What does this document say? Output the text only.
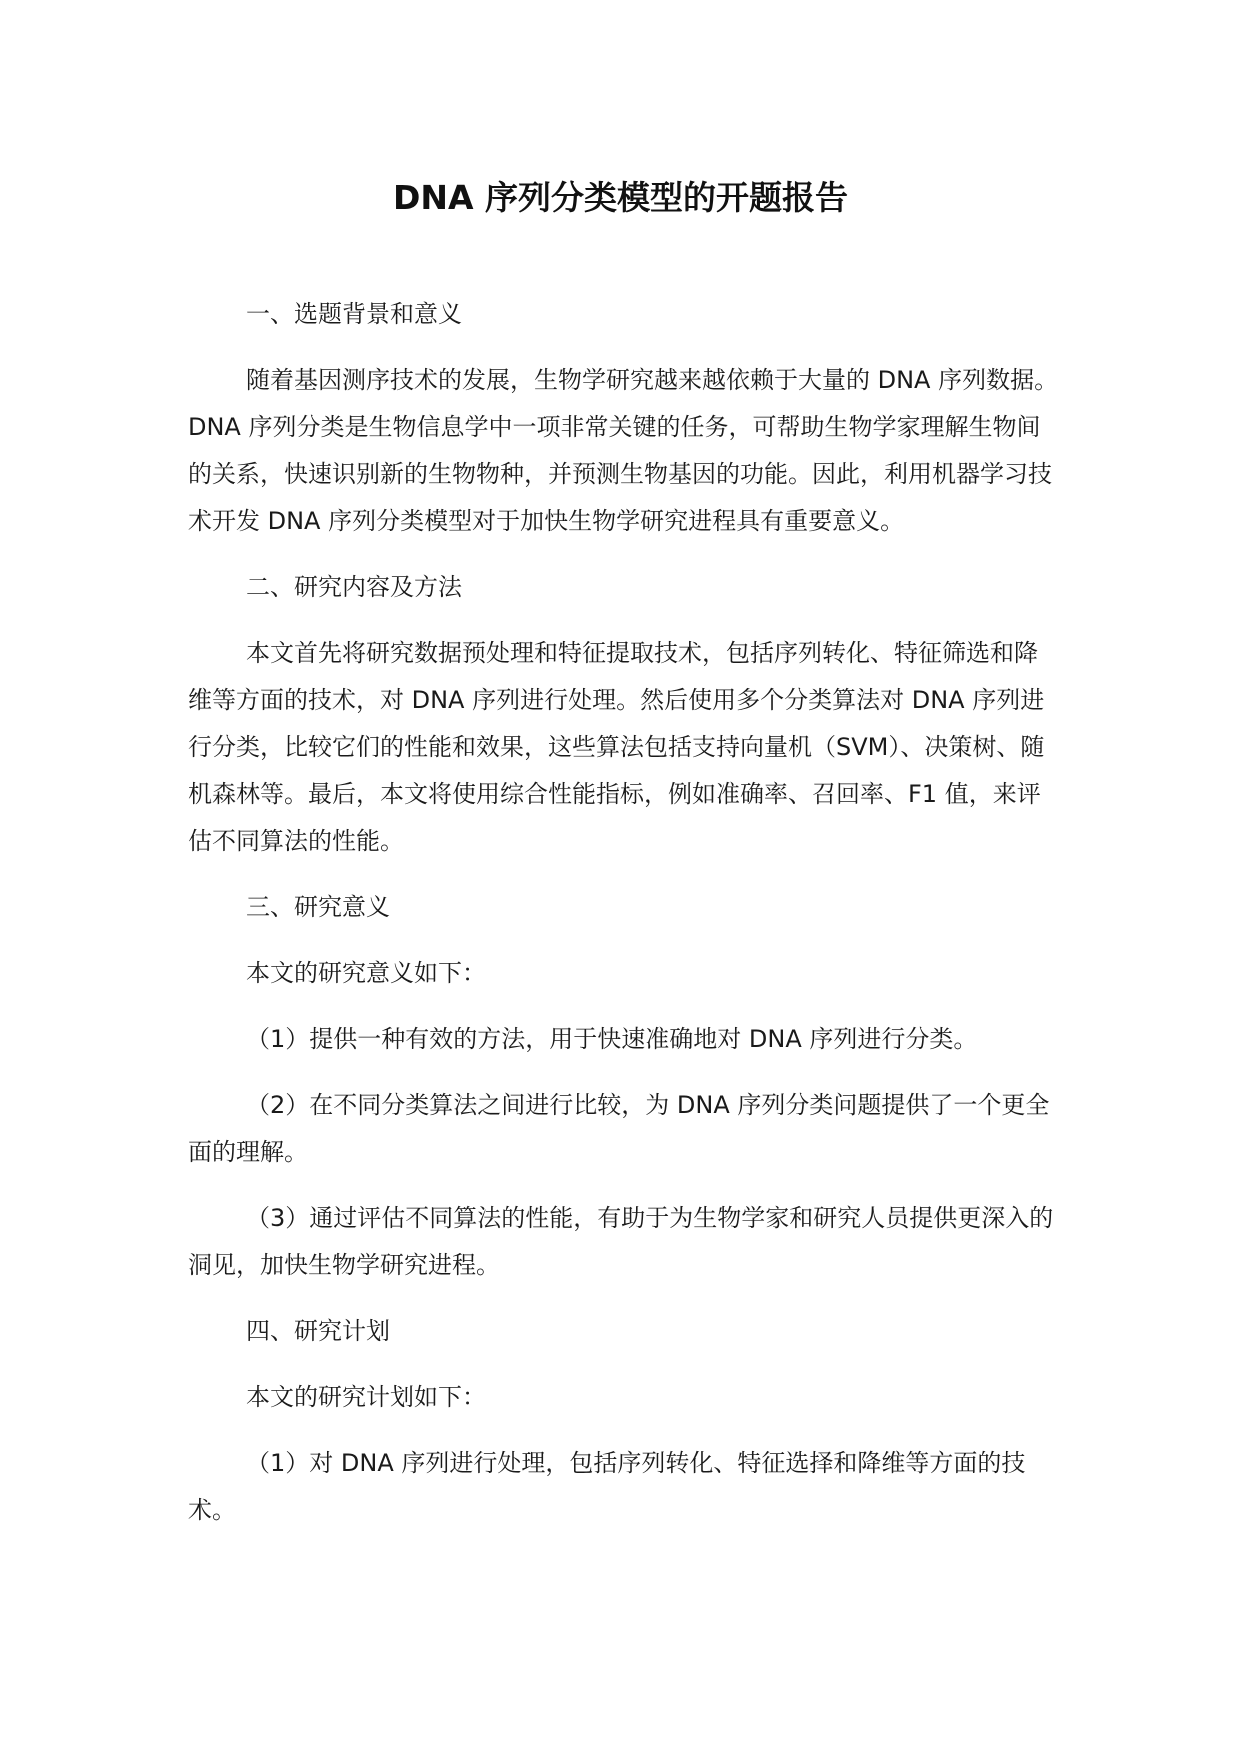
DNA 序列分类模型的开题报告

一、选题背景和意义

随着基因测序技术的发展，生物学研究越来越依赖于大量的 DNA 序列数据。DNA 序列分类是生物信息学中一项非常关键的任务，可帮助生物学家理解生物间的关系，快速识别新的生物物种，并预测生物基因的功能。因此，利用机器学习技术开发 DNA 序列分类模型对于加快生物学研究进程具有重要意义。

二、研究内容及方法

本文首先将研究数据预处理和特征提取技术，包括序列转化、特征筛选和降维等方面的技术，对 DNA 序列进行处理。然后使用多个分类算法对 DNA 序列进行分类，比较它们的性能和效果，这些算法包括支持向量机（SVM）、决策树、随机森林等。最后，本文将使用综合性能指标，例如准确率、召回率、F1 值，来评估不同算法的性能。

三、研究意义

本文的研究意义如下：

（1）提供一种有效的方法，用于快速准确地对 DNA 序列进行分类。

（2）在不同分类算法之间进行比较，为 DNA 序列分类问题提供了一个更全面的理解。

（3）通过评估不同算法的性能，有助于为生物学家和研究人员提供更深入的洞见，加快生物学研究进程。

四、研究计划

本文的研究计划如下：

（1）对 DNA 序列进行处理，包括序列转化、特征选择和降维等方面的技术。
